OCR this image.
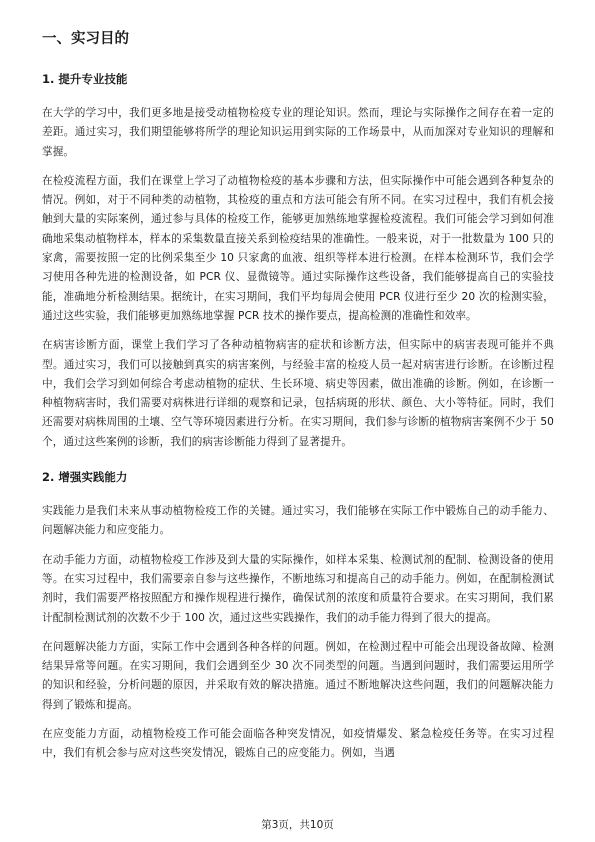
一、实习目的
1. 提升专业技能

在大学的学习中，我们更多地是接受动植物检疫专业的理论知识。然而，理论与实际操作之间存在着一定的差距。通过实习，我们期望能够将所学的理论知识运用到实际的工作场景中，从而加深对专业知识的理解和掌握。

在检疫流程方面，我们在课堂上学习了动植物检疫的基本步骤和方法，但实际操作中可能会遇到各种复杂的情况。例如，对于不同种类的动植物，其检疫的重点和方法可能会有所不同。在实习过程中，我们有机会接触到大量的实际案例，通过参与具体的检疫工作，能够更加熟练地掌握检疫流程。我们可能会学习到如何准确地采集动植物样本，样本的采集数量直接关系到检疫结果的准确性。一般来说，对于一批数量为 100 只的家禽，需要按照一定的比例采集至少 10 只家禽的血液、组织等样本进行检测。在样本检测环节，我们会学习使用各种先进的检测设备，如 PCR 仪、显微镜等。通过实际操作这些设备，我们能够提高自己的实验技能，准确地分析检测结果。据统计，在实习期间，我们平均每周会使用 PCR 仪进行至少 20 次的检测实验，通过这些实验，我们能够更加熟练地掌握 PCR 技术的操作要点，提高检测的准确性和效率。

在病害诊断方面，课堂上我们学习了各种动植物病害的症状和诊断方法，但实际中的病害表现可能并不典型。通过实习，我们可以接触到真实的病害案例，与经验丰富的检疫人员一起对病害进行诊断。在诊断过程中，我们会学习到如何综合考虑动植物的症状、生长环境、病史等因素，做出准确的诊断。例如，在诊断一种植物病害时，我们需要对病株进行详细的观察和记录，包括病斑的形状、颜色、大小等特征。同时，我们还需要对病株周围的土壤、空气等环境因素进行分析。在实习期间，我们参与诊断的植物病害案例不少于 50 个，通过这些案例的诊断，我们的病害诊断能力得到了显著提升。

2. 增强实践能力

实践能力是我们未来从事动植物检疫工作的关键。通过实习，我们能够在实际工作中锻炼自己的动手能力、问题解决能力和应变能力。

在动手能力方面，动植物检疫工作涉及到大量的实际操作，如样本采集、检测试剂的配制、检测设备的使用等。在实习过程中，我们需要亲自参与这些操作，不断地练习和提高自己的动手能力。例如，在配制检测试剂时，我们需要严格按照配方和操作规程进行操作，确保试剂的浓度和质量符合要求。在实习期间，我们累计配制检测试剂的次数不少于 100 次，通过这些实践操作，我们的动手能力得到了很大的提高。

在问题解决能力方面，实际工作中会遇到各种各样的问题。例如，在检测过程中可能会出现设备故障、检测结果异常等问题。在实习期间，我们会遇到至少 30 次不同类型的问题。当遇到问题时，我们需要运用所学的知识和经验，分析问题的原因，并采取有效的解决措施。通过不断地解决这些问题，我们的问题解决能力得到了锻炼和提高。

在应变能力方面，动植物检疫工作可能会面临各种突发情况，如疫情爆发、紧急检疫任务等。在实习过程中，我们有机会参与应对这些突发情况，锻炼自己的应变能力。例如，当遇

第3页，共10页
